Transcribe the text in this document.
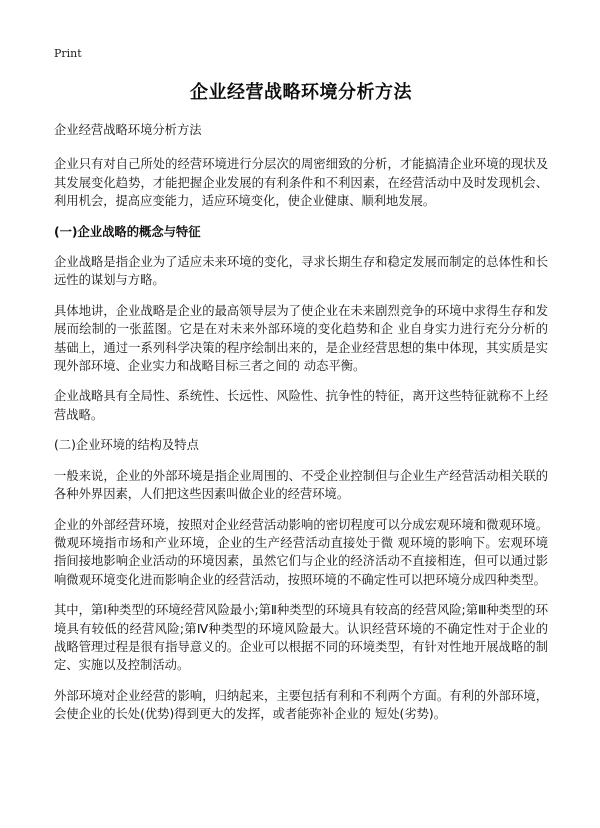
Print
企业经营战略环境分析方法

企业经营战略环境分析方法

企业只有对自己所处的经营环境进行分层次的周密细致的分析，才能搞清企业环境的现状及其发展变化趋势，才能把握企业发展的有利条件和不利因素，在经营活动中及时发现机会、利用机会，提高应变能力，适应环境变化，使企业健康、顺利地发展。

(一)企业战略的概念与特征

企业战略是指企业为了适应未来环境的变化，寻求长期生存和稳定发展而制定的总体性和长远性的谋划与方略。

具体地讲，企业战略是企业的最高领导层为了使企业在未来剧烈竞争的环境中求得生存和发展而绘制的一张蓝图。它是在对未来外部环境的变化趋势和企 业自身实力进行充分分析的基础上，通过一系列科学决策的程序绘制出来的，是企业经营思想的集中体现，其实质是实现外部环境、企业实力和战略目标三者之间的 动态平衡。

企业战略具有全局性、系统性、长远性、风险性、抗争性的特征，离开这些特征就称不上经营战略。

(二)企业环境的结构及特点

一般来说，企业的外部环境是指企业周围的、不受企业控制但与企业生产经营活动相关联的各种外界因素，人们把这些因素叫做企业的经营环境。

企业的外部经营环境，按照对企业经营活动影响的密切程度可以分成宏观环境和微观环境。微观环境指市场和产业环境，企业的生产经营活动直接处于微 观环境的影响下。宏观环境指间接地影响企业活动的环境因素，虽然它们与企业的经济活动不直接相连，但可以通过影响微观环境变化进而影响企业的经营活动，按照环境的不确定性可以把环境分成四种类型。

其中，第Ⅰ种类型的环境经营风险最小;第Ⅱ种类型的环境具有较高的经营风险;第Ⅲ种类型的环境具有较低的经营风险;第Ⅳ种类型的环境风险最大。认识经营环境的不确定性对于企业的战略管理过程是很有指导意义的。企业可以根据不同的环境类型，有针对性地开展战略的制定、实施以及控制活动。

外部环境对企业经营的影响，归纳起来，主要包括有利和不利两个方面。有利的外部环境，会使企业的长处(优势)得到更大的发挥，或者能弥补企业的 短处(劣势)。
